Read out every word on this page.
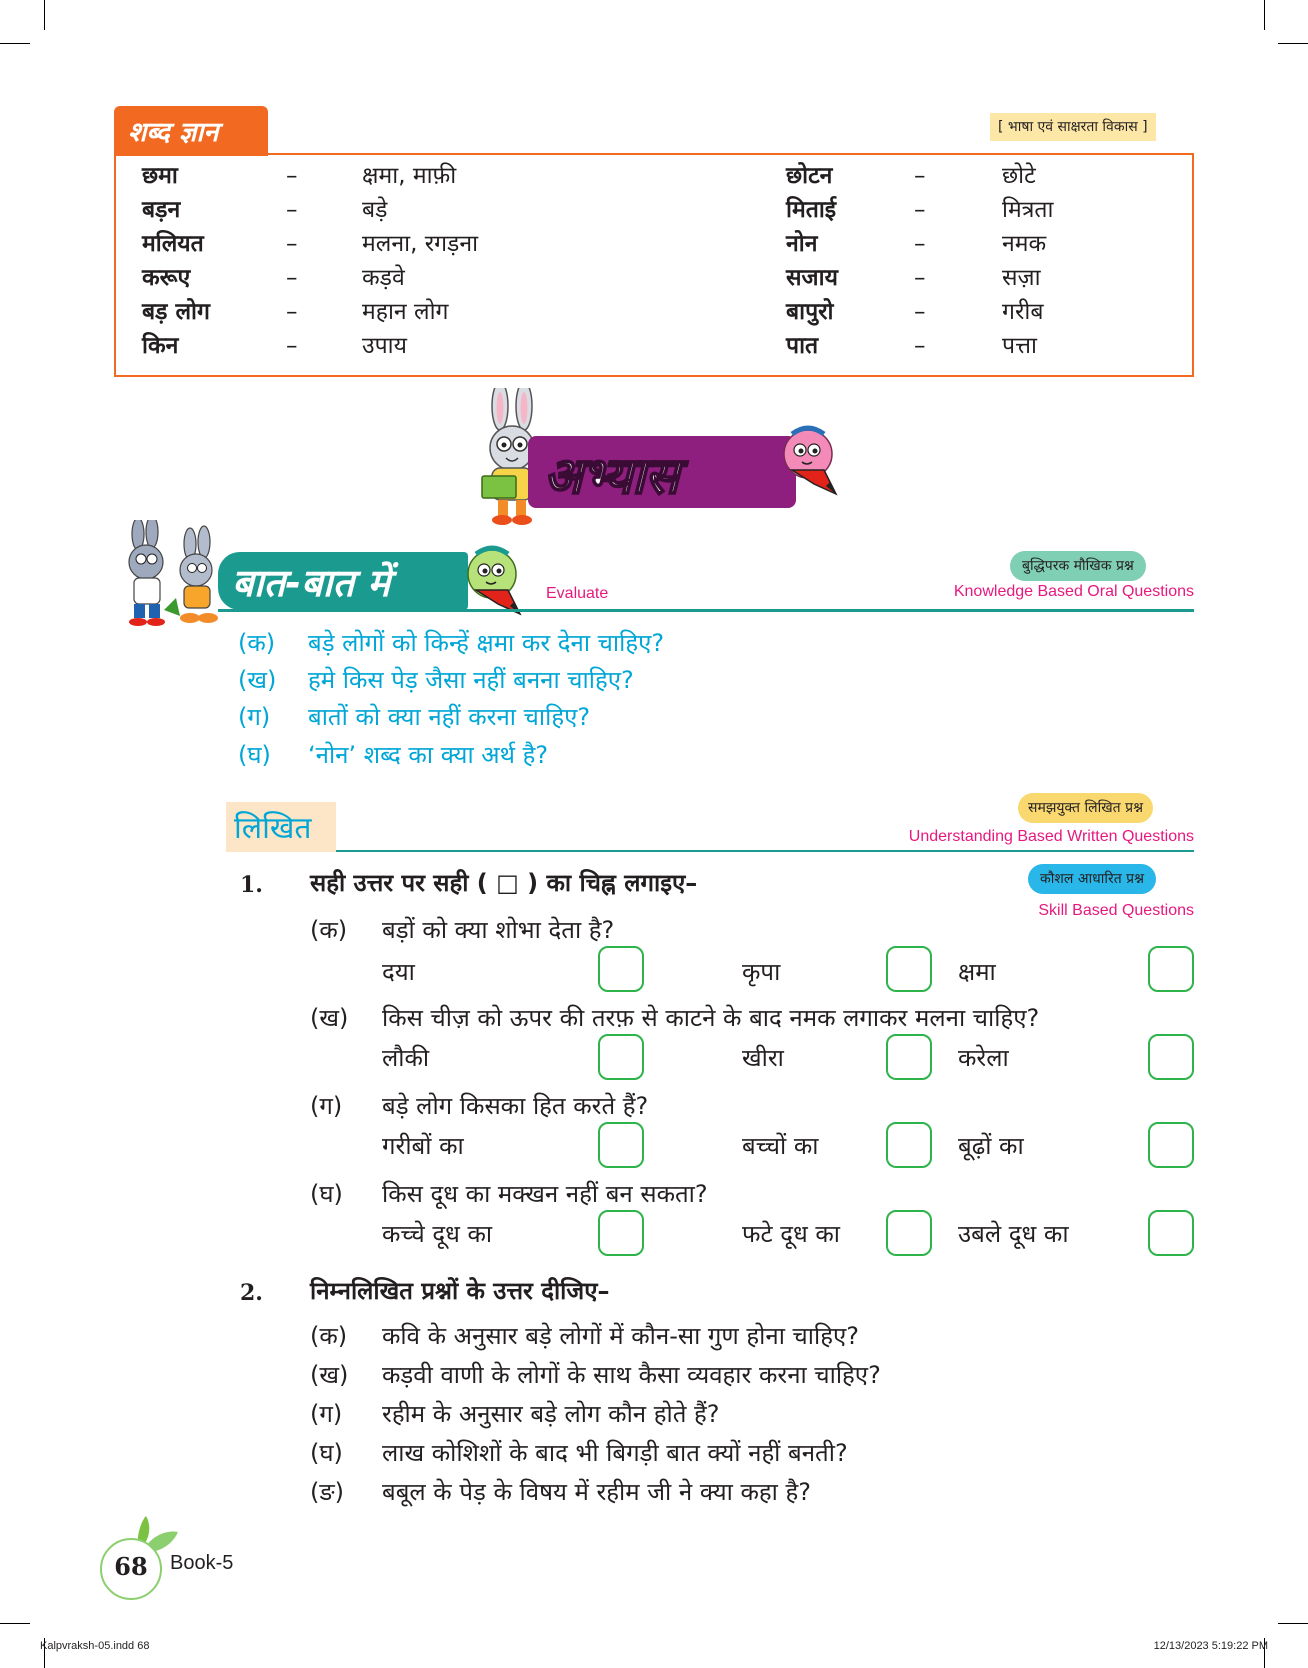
शब्द ज्ञान	[ भाषा एवं साक्षरता विकास ]
छमा	–	क्षमा, माफ़ी	छोटन	–	छोटे
बड़न	–	बड़े	मिताई	–	मित्रता
मलियत	–	मलना, रगड़ना	नोन	–	नमक
करूए	–	कड़वे	सजाय	–	सज़ा
बड़ लोग	–	महान लोग	बापुरो	–	गरीब
किन	–	उपाय	पात	–	पत्ता
अभ्यास
बात-बात में	Evaluate
बुद्धिपरक मौखिक प्रश्न
Knowledge Based Oral Questions
(क) बड़े लोगों को किन्हें क्षमा कर देना चाहिए?
(ख) हमे किस पेड़ जैसा नहीं बनना चाहिए?
(ग) बातों को क्या नहीं करना चाहिए?
(घ) ‘नोन’ शब्द का क्या अर्थ है?
लिखित
समझयुक्त लिखित प्रश्न
Understanding Based Written Questions
कौशल आधारित प्रश्न
Skill Based Questions
1. सही उत्तर पर सही ( □ ) का चिह्न लगाइए–
(क) बड़ों को क्या शोभा देता है?
दया	कृपा	क्षमा
(ख) किस चीज़ को ऊपर की तरफ़ से काटने के बाद नमक लगाकर मलना चाहिए?
लौकी	खीरा	करेला
(ग) बड़े लोग किसका हित करते हैं?
गरीबों का	बच्चों का	बूढ़ों का
(घ) किस दूध का मक्खन नहीं बन सकता?
कच्चे दूध का	फटे दूध का	उबले दूध का
2. निम्नलिखित प्रश्नों के उत्तर दीजिए–
(क) कवि के अनुसार बड़े लोगों में कौन-सा गुण होना चाहिए?
(ख) कड़वी वाणी के लोगों के साथ कैसा व्यवहार करना चाहिए?
(ग) रहीम के अनुसार बड़े लोग कौन होते हैं?
(घ) लाख कोशिशों के बाद भी बिगड़ी बात क्यों नहीं बनती?
(ङ) बबूल के पेड़ के विषय में रहीम जी ने क्या कहा है?
68	Book-5
Kalpvraksh-05.indd 68	12/13/2023 5:19:22 PM
